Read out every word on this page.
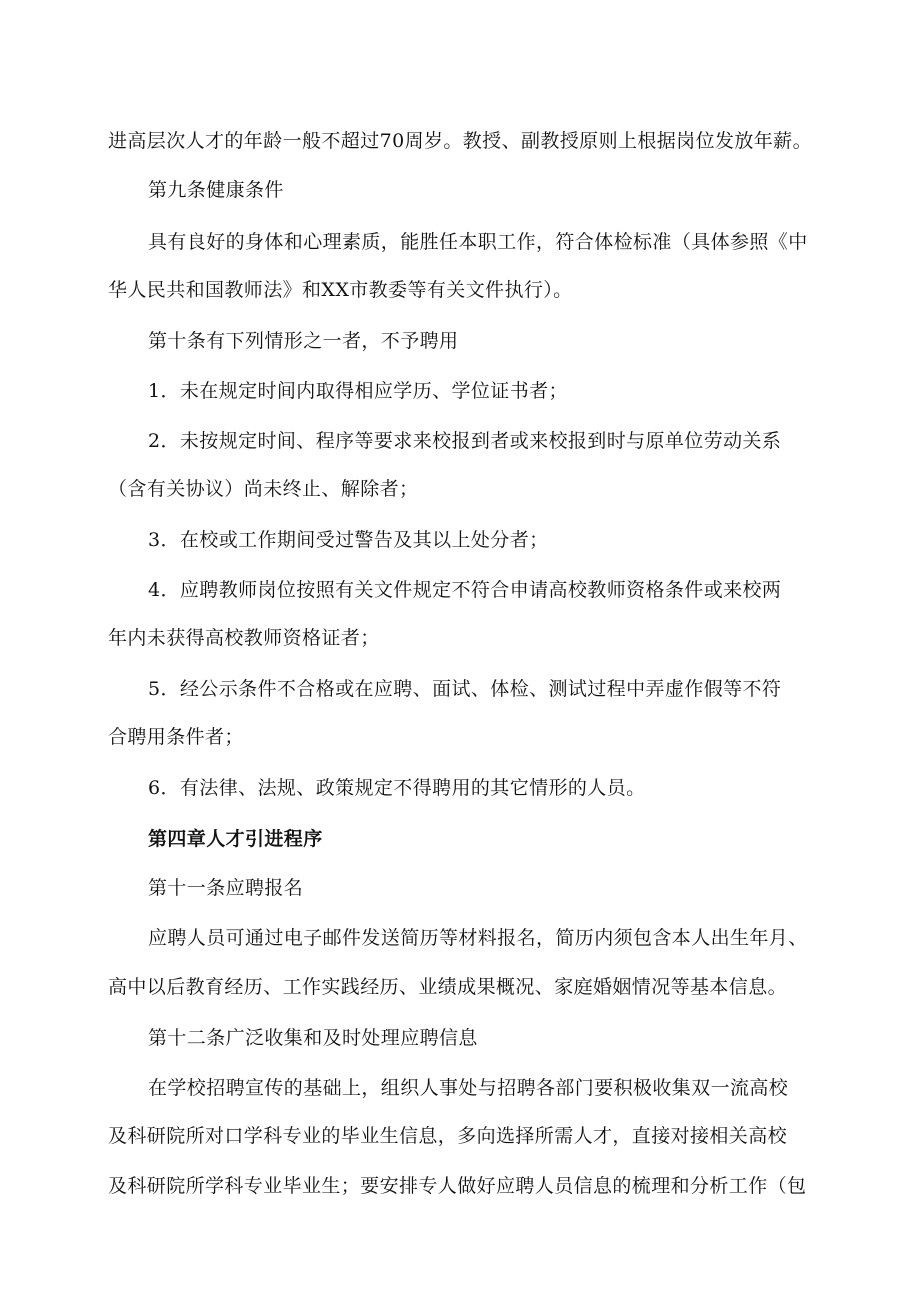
进高层次人才的年龄一般不超过70周岁。教授、副教授原则上根据岗位发放年薪。
第九条健康条件
具有良好的身体和心理素质，能胜任本职工作，符合体检标准（具体参照《中
华人民共和国教师法》和XX市教委等有关文件执行）。
第十条有下列情形之一者，不予聘用
1．未在规定时间内取得相应学历、学位证书者；
2．未按规定时间、程序等要求来校报到者或来校报到时与原单位劳动关系
（含有关协议）尚未终止、解除者；
3．在校或工作期间受过警告及其以上处分者；
4．应聘教师岗位按照有关文件规定不符合申请高校教师资格条件或来校两
年内未获得高校教师资格证者；
5．经公示条件不合格或在应聘、面试、体检、测试过程中弄虚作假等不符
合聘用条件者；
6．有法律、法规、政策规定不得聘用的其它情形的人员。
第四章人才引进程序
第十一条应聘报名
应聘人员可通过电子邮件发送简历等材料报名，简历内须包含本人出生年月、
高中以后教育经历、工作实践经历、业绩成果概况、家庭婚姻情况等基本信息。
第十二条广泛收集和及时处理应聘信息
在学校招聘宣传的基础上，组织人事处与招聘各部门要积极收集双一流高校
及科研院所对口学科专业的毕业生信息，多向选择所需人才，直接对接相关高校
及科研院所学科专业毕业生；要安排专人做好应聘人员信息的梳理和分析工作（包
